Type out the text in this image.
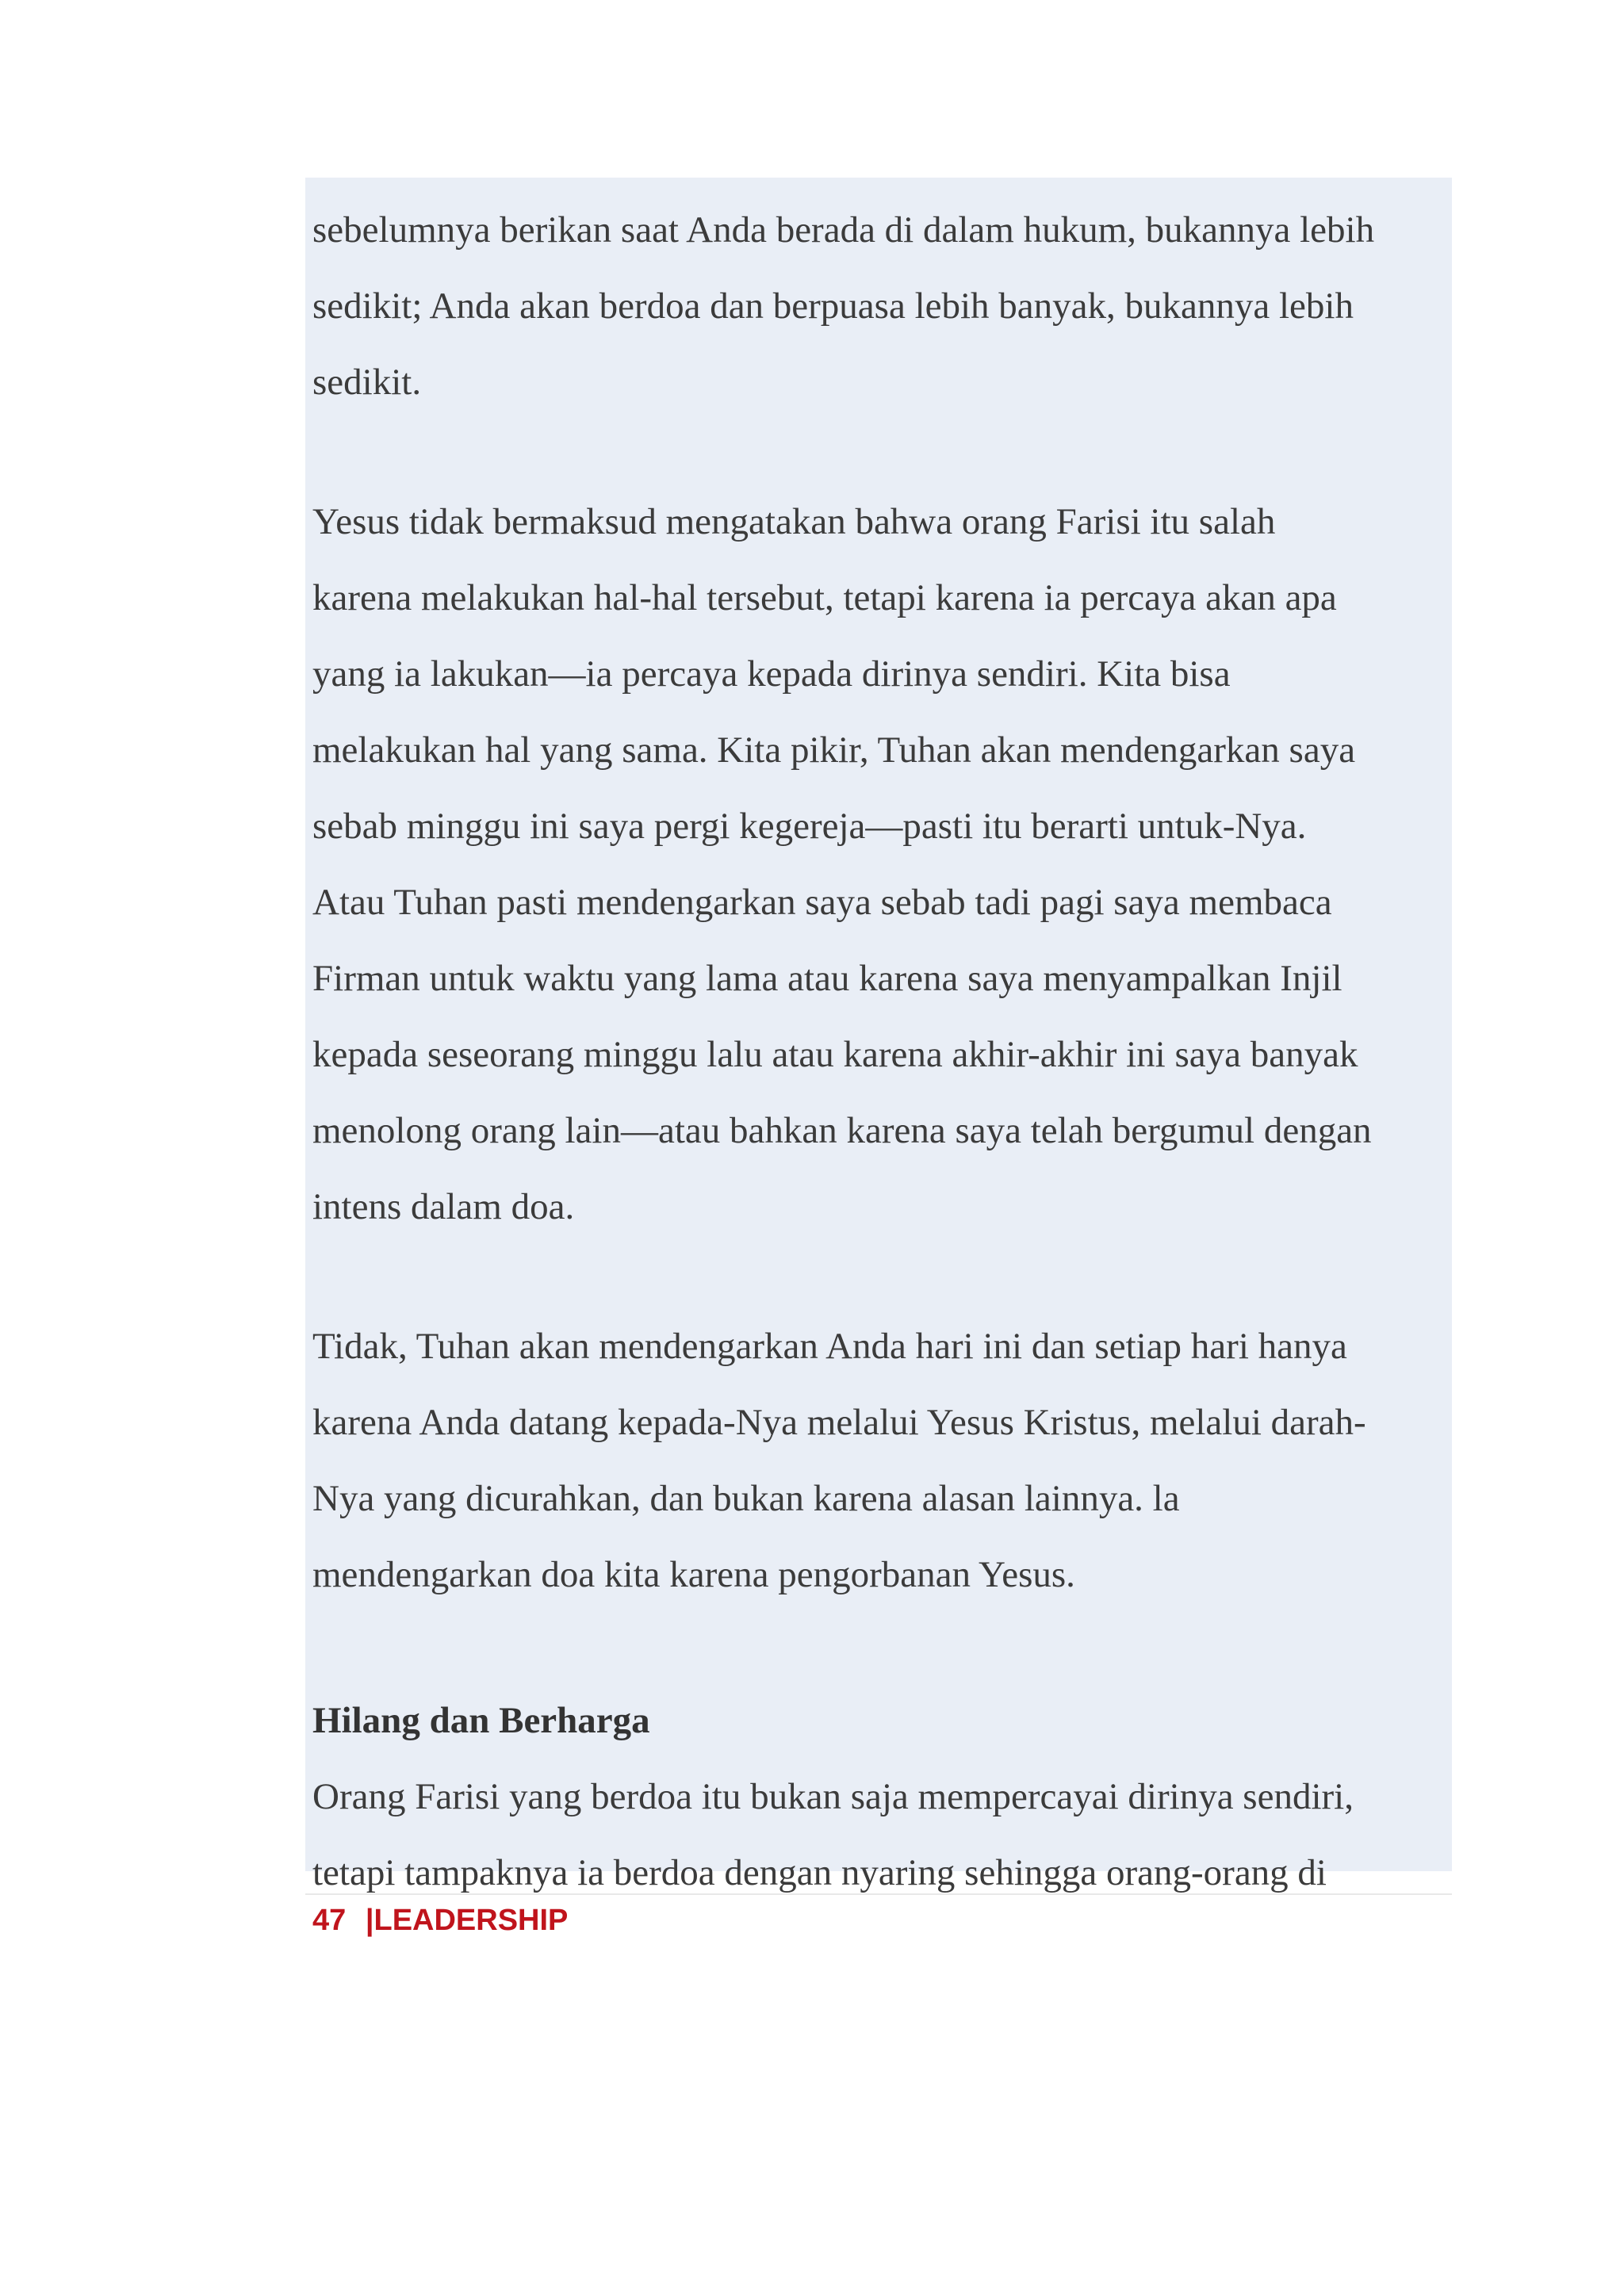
sebelumnya berikan saat Anda berada di dalam hukum, bukannya lebih
sedikit; Anda akan berdoa dan berpuasa lebih banyak, bukannya lebih
sedikit.
Yesus tidak bermaksud mengatakan bahwa orang Farisi itu salah
karena melakukan hal-hal tersebut, tetapi karena ia percaya akan apa
yang ia lakukan—ia percaya kepada dirinya sendiri. Kita bisa
melakukan hal yang sama. Kita pikir, Tuhan akan mendengarkan saya
sebab minggu ini saya pergi kegereja—pasti itu berarti untuk-Nya.
Atau Tuhan pasti mendengarkan saya sebab tadi pagi saya membaca
Firman untuk waktu yang lama atau karena saya menyampalkan Injil
kepada seseorang minggu lalu atau karena akhir-akhir ini saya banyak
menolong orang lain—atau bahkan karena saya telah bergumul dengan
intens dalam doa.
Tidak, Tuhan akan mendengarkan Anda hari ini dan setiap hari hanya
karena Anda datang kepada-Nya melalui Yesus Kristus, melalui darah-
Nya yang dicurahkan, dan bukan karena alasan lainnya. la
mendengarkan doa kita karena pengorbanan Yesus.
Hilang dan Berharga
Orang Farisi yang berdoa itu bukan saja mempercayai dirinya sendiri,
tetapi tampaknya ia berdoa dengan nyaring sehingga orang-orang di
47 |LEADERSHIP
